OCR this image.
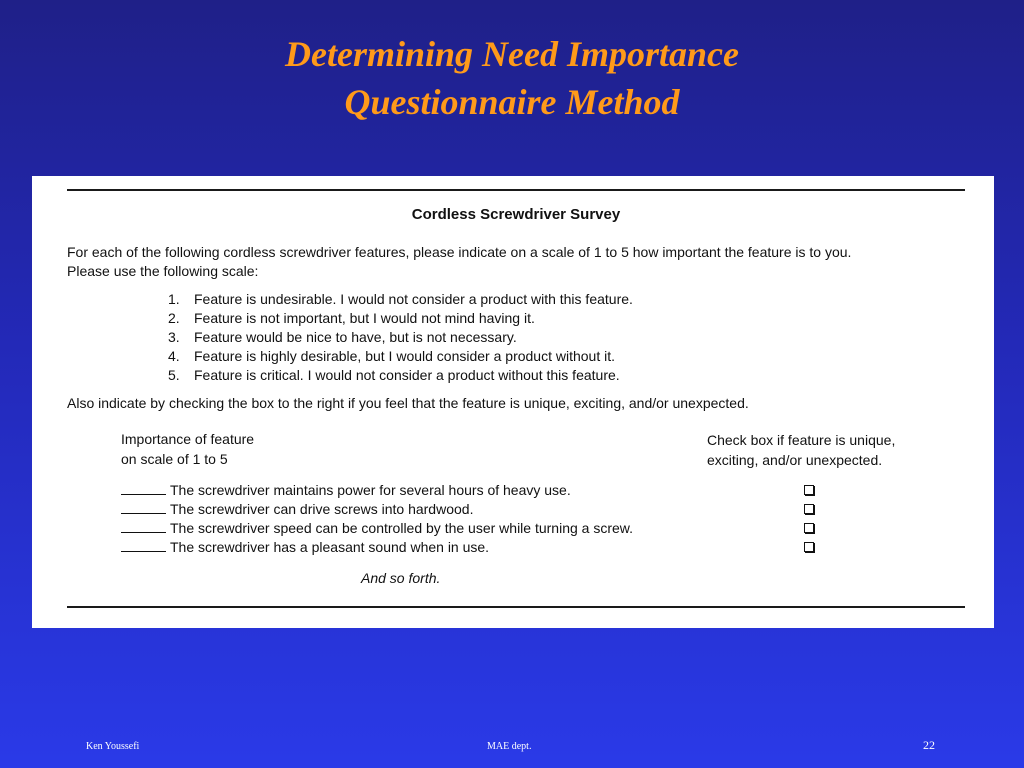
Determining Need Importance
Questionnaire Method
Cordless Screwdriver Survey

For each of the following cordless screwdriver features, please indicate on a scale of 1 to 5 how important the feature is to you.

Please use the following scale:

1. Feature is undesirable. I would not consider a product with this feature.
2. Feature is not important, but I would not mind having it.
3. Feature would be nice to have, but is not necessary.
4. Feature is highly desirable, but I would consider a product without it.
5. Feature is critical. I would not consider a product without this feature.
Also indicate by checking the box to the right if you feel that the feature is unique, exciting, and/or unexpected.
Importance of feature
on scale of 1 to 5
Check box if feature is unique,
exciting, and/or unexpected.
The screwdriver maintains power for several hours of heavy use.
The screwdriver can drive screws into hardwood.
The screwdriver speed can be controlled by the user while turning a screw.
The screwdriver has a pleasant sound when in use.
And so forth.
Ken Youssefi	MAE dept.	22
